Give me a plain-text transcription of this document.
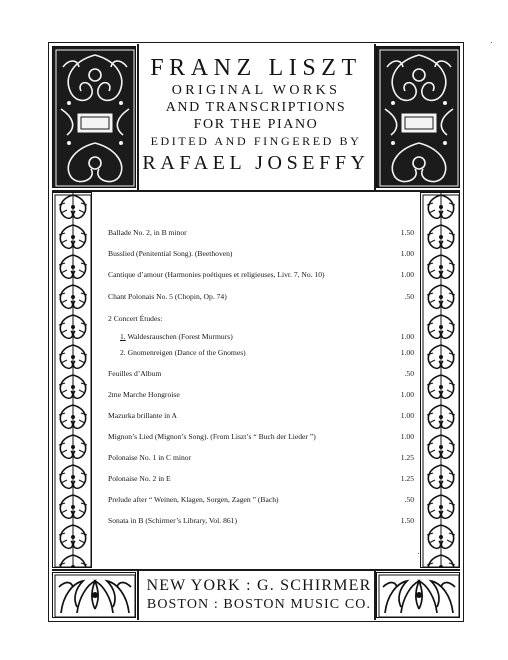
FRANZ LISZT
ORIGINAL WORKS
AND TRANSCRIPTIONS
FOR THE PIANO
EDITED AND FINGERED BY
RAFAEL JOSEFFY
Ballade No. 2, in B minor	1.50
Busslied (Penitential Song). (Beethoven)	1.00
Cantique d’amour (Harmonies poétiques et religieuses, Livr. 7, No. 10)	1.00
Chant Polonais No. 5 (Chopin, Op. 74)	.50
2 Concert Études:
1. Waldesrauschen (Forest Murmurs)	1.00
2. Gnomenreigen (Dance of the Gnomes)	1.00
Feuilles d’Album	.50
2me Marche Hongroise	1.00
Mazurka brillante in A	1.00
Mignon’s Lied (Mignon’s Song). (From Liszt’s “ Buch der Lieder ”)	1.00
Polonaise No. 1 in C minor	1.25
Polonaise No. 2 in E	1.25
Prelude after “ Weinen, Klagen, Sorgen, Zagen ” (Bach)	.50
Sonata in B (Schirmer’s Library, Vol. 861)	1.50
NEW YORK : G. SCHIRMER
BOSTON : BOSTON MUSIC CO.
